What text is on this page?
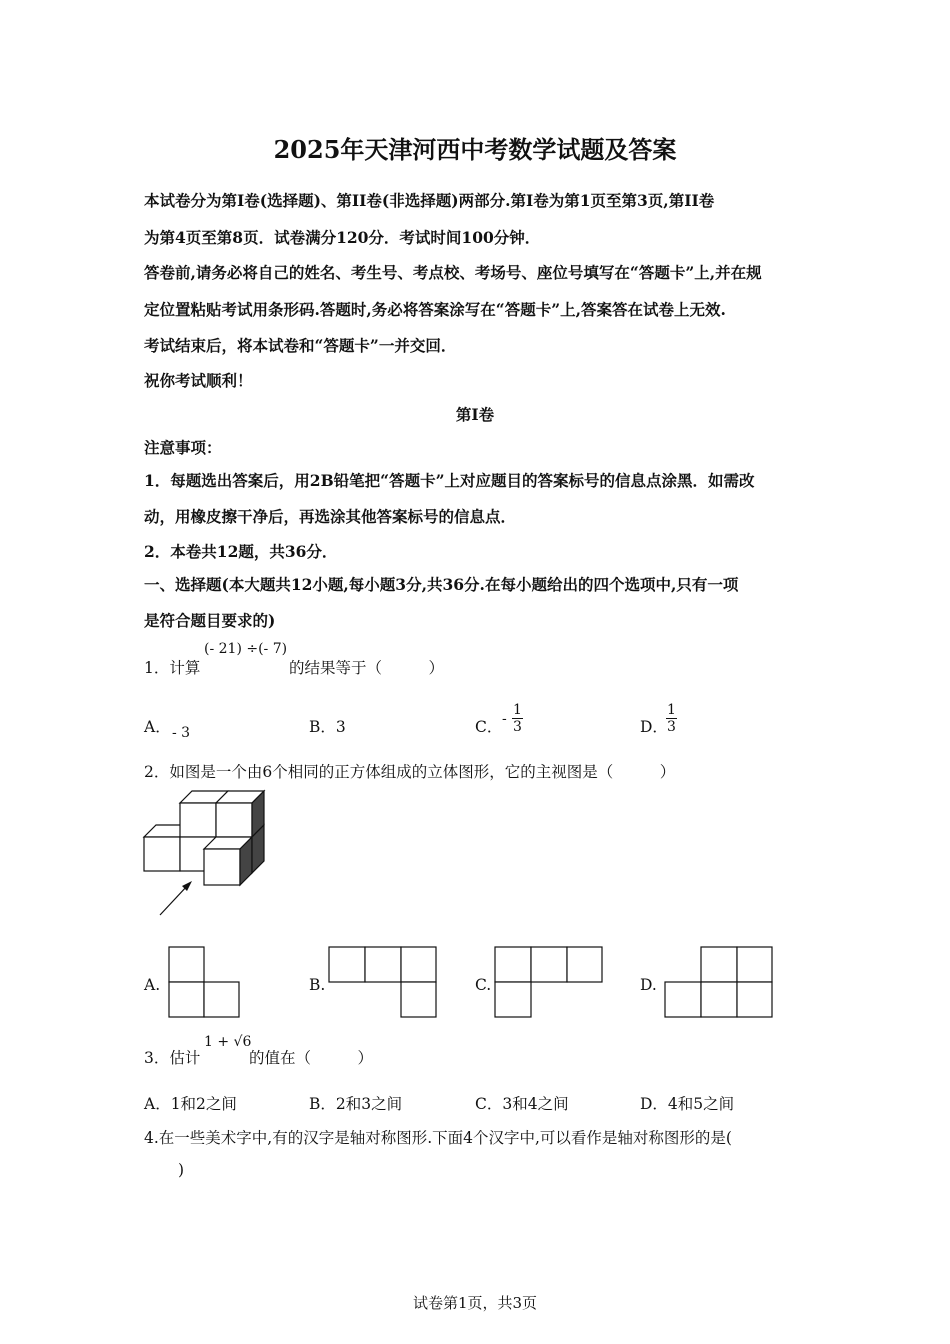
2025年天津河西中考数学试题及答案
本试卷分为第Ⅰ卷(选择题)、第II卷(非选择题)两部分.第Ⅰ卷为第1页至第3页,第II卷
为第4页至第8页．试卷满分120分．考试时间100分钟．
答卷前,请务必将自己的姓名、考生号、考点校、考场号、座位号填写在“答题卡”上,并在规
定位置粘贴考试用条形码.答题时,务必将答案涂写在“答题卡”上,答案答在试卷上无效.
考试结束后，将本试卷和“答题卡”一并交回．
祝你考试顺利！
第Ⅰ卷
注意事项：
1．每题选出答案后，用2B铅笔把“答题卡”上对应题目的答案标号的信息点涂黑．如需改
动，用橡皮擦干净后，再选涂其他答案标号的信息点．
2．本卷共12题，共36分．
一、选择题(本大题共12小题,每小题3分,共36分.在每小题给出的四个选项中,只有一项
是符合题目要求的)
1．计算
(- 21) ÷(- 7)
的结果等于（　　　）
A． - 3	B．3	C． - $\frac{1}{3}$	D．
$\frac{1}{3}$
2．如图是一个由6个相同的正方体组成的立体图形，它的主视图是（　　　）
A.	B.	C.	D.
3．估计
1 + √6
的值在（　　　）
A．1和2之间	B．2和3之间	C．3和4之间	D．4和5之间
4.在一些美术字中,有的汉字是轴对称图形.下面4个汉字中,可以看作是轴对称图形的是(
)
试卷第1页，共3页
